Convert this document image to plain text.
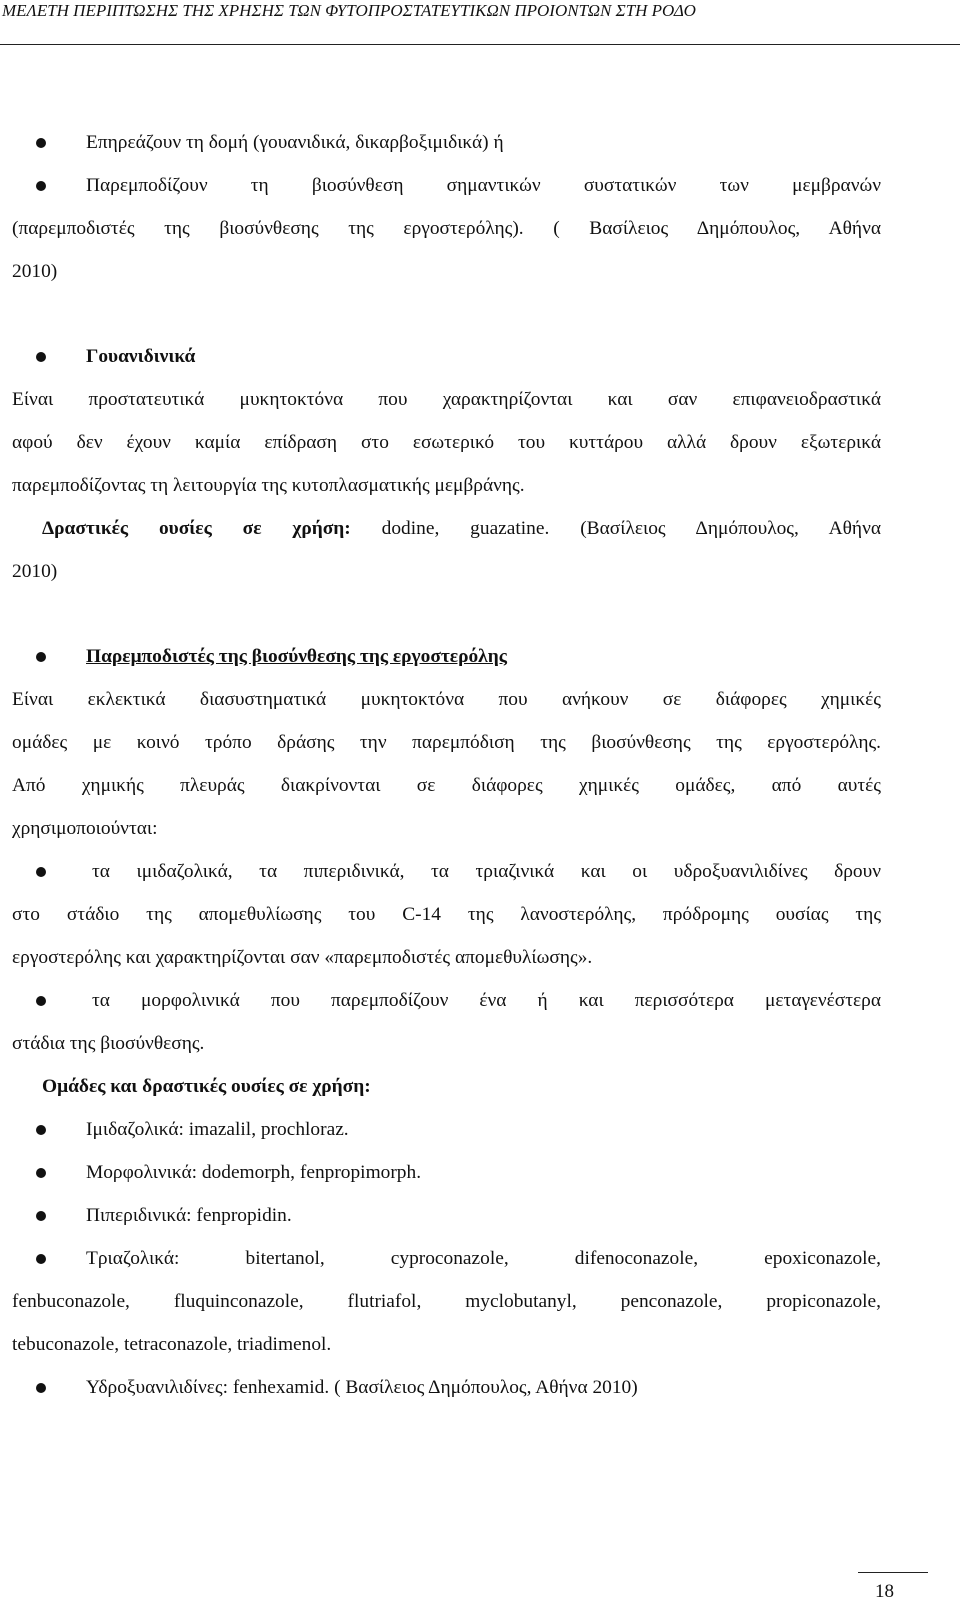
ΜΕΛΕΤΗ ΠΕΡΙΠΤΩΣΗΣ ΤΗΣ ΧΡΗΣΗΣ ΤΩΝ ΦΥΤΟΠΡΟΣΤΑΤΕΥΤΙΚΩΝ ΠΡΟΙΟΝΤΩΝ ΣΤΗ ΡΟΔΟ
Επηρεάζουν τη δομή (γουανιδικά, δικαρβοξιμιδικά) ή
Παρεμποδίζουν τη βιοσύνθεση σημαντικών συστατικών των μεμβρανών
(παρεμποδιστές της βιοσύνθεσης της εργοστερόλης). ( Βασίλειος Δημόπουλος, Αθήνα
2010)
Γουανιδινικά
Είναι προστατευτικά μυκητοκτόνα που χαρακτηρίζονται και σαν επιφανειοδραστικά
αφού δεν έχουν καμία επίδραση στο εσωτερικό του κυττάρου αλλά δρουν εξωτερικά
παρεμποδίζοντας τη λειτουργία της κυτοπλασματικής μεμβράνης.
Δραστικές ουσίες σε χρήση: dodine, guazatine. (Βασίλειος Δημόπουλος, Αθήνα
2010)
Παρεμποδιστές της βιοσύνθεσης της εργοστερόλης
Είναι εκλεκτικά διασυστηματικά μυκητοκτόνα που ανήκουν σε διάφορες χημικές
ομάδες με κοινό τρόπο δράσης την παρεμπόδιση της βιοσύνθεσης της εργοστερόλης.
Από χημικής πλευράς διακρίνονται σε διάφορες χημικές ομάδες, από αυτές
χρησιμοποιούνται:
τα ιμιδαζολικά, τα πιπεριδινικά, τα τριαζινικά και οι υδροξυανιλιδίνες δρουν
στο στάδιο της απομεθυλίωσης του C-14 της λανοστερόλης, πρόδρομης ουσίας της
εργοστερόλης και χαρακτηρίζονται σαν «παρεμποδιστές απομεθυλίωσης».
τα μορφολινικά που παρεμποδίζουν ένα ή και περισσότερα μεταγενέστερα
στάδια της βιοσύνθεσης.
Ομάδες και δραστικές ουσίες σε χρήση:
Ιμιδαζολικά: imazalil, prochloraz.
Μορφολινικά: dodemorph, fenpropimorph.
Πιπεριδινικά: fenpropidin.
Τριαζολικά: bitertanol, cyproconazole, difenoconazole, epoxiconazole,
fenbuconazole, fluquinconazole, flutriafol, myclobutanyl, penconazole, propiconazole,
tebuconazole, tetraconazole, triadimenol.
Υδροξυανιλιδίνες: fenhexamid. ( Βασίλειος Δημόπουλος, Αθήνα 2010)
18
